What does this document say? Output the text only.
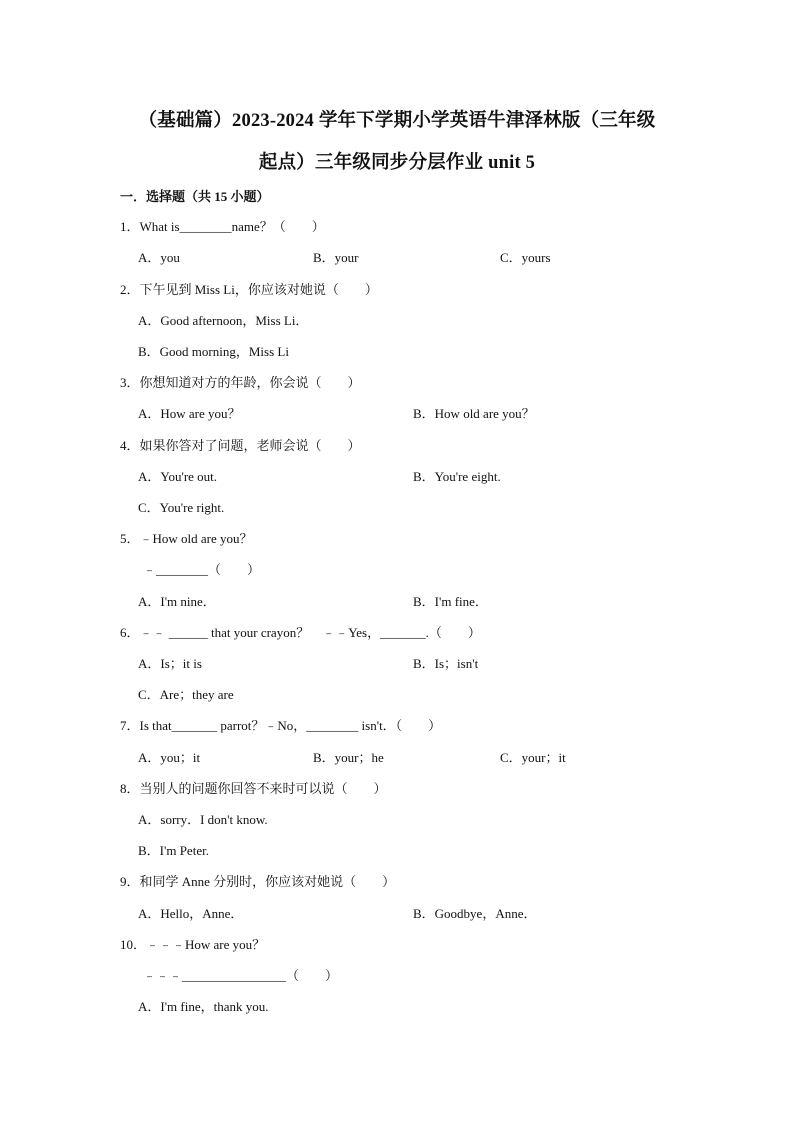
（基础篇）2023-2024 学年下学期小学英语牛津泽林版（三年级
起点）三年级同步分层作业 unit 5
一．选择题（共 15 小题）
1．What is________name？（　　）
A．you	B．your	C．yours
2．下午见到 Miss Li，你应该对她说（　　）
A．Good afternoon，Miss Li．
B．Good morning，Miss Li
3．你想知道对方的年龄，你会说（　　）
A．How are you？	B．How old are you？
4．如果你答对了问题，老师会说（　　）
A．You're out.	B．You're eight.
C．You're right.
5．﹣How old are you？
﹣________（　　）
A．I'm nine．	B．I'm fine．
6．﹣﹣ ______ that your crayon？　﹣﹣Yes，_______.（　　）
A．Is；it is	B．Is；isn't
C．Are；they are
7．Is that_______ parrot？﹣No，________ isn't．（　　）
A．you；it	B．your；he	C．your；it
8．当别人的问题你回答不来时可以说（　　）
A．sorry．I don't know.
B．I'm Peter.
9．和同学 Anne 分别时，你应该对她说（　　）
A．Hello，Anne．	B．Goodbye，Anne．
10．﹣﹣﹣How are you？
﹣﹣﹣________________（　　）
A．I'm fine，thank you.
